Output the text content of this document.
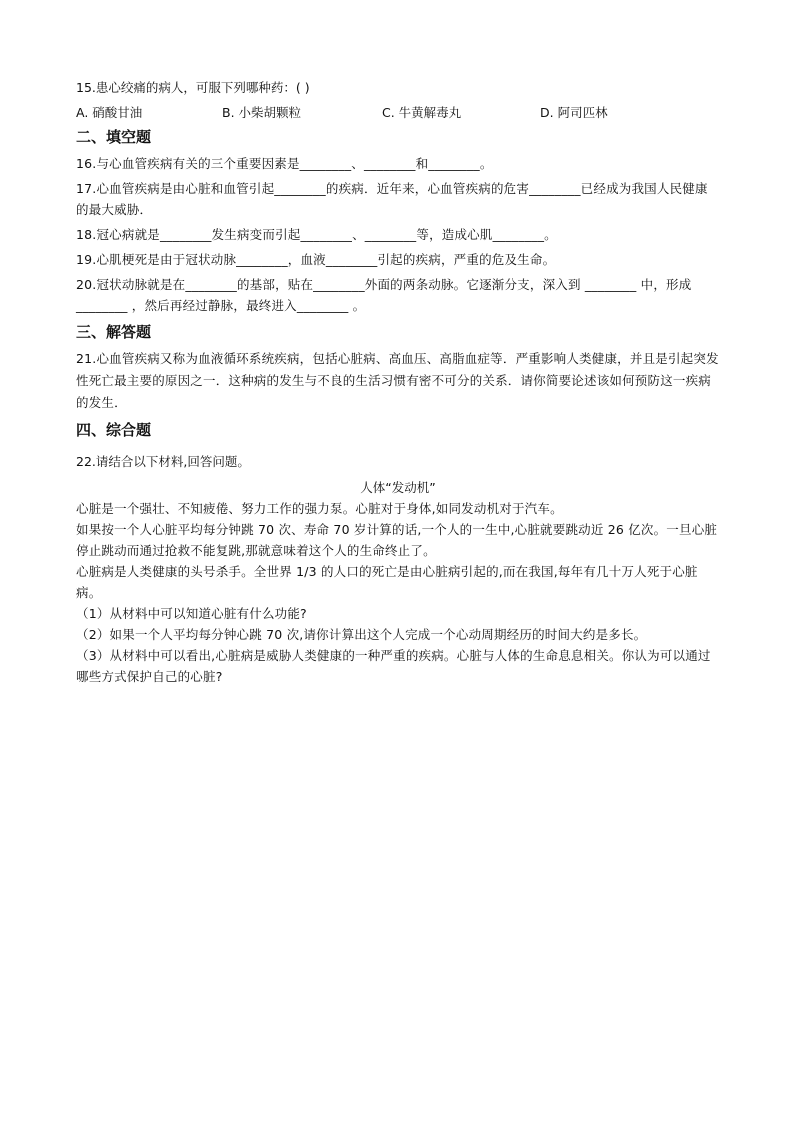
15.患心绞痛的病人，可服下列哪种药：( )
A. 硝酸甘油	B. 小柴胡颗粒	C. 牛黄解毒丸	D. 阿司匹林
二、填空题
16.与心血管疾病有关的三个重要因素是________、________和________。
17.心血管疾病是由心脏和血管引起________的疾病．近年来，心血管疾病的危害________已经成为我国人民健康的最大威胁．
18.冠心病就是________发生病变而引起________、________等，造成心肌________。
19.心肌梗死是由于冠状动脉________，血液________引起的疾病，严重的危及生命。
20.冠状动脉就是在________的基部，贴在________外面的两条动脉。它逐渐分支，深入到 ________ 中，形成________ ，然后再经过静脉，最终进入________ 。
三、解答题
21.心血管疾病又称为血液循环系统疾病，包括心脏病、高血压、高脂血症等．严重影响人类健康，并且是引起突发性死亡最主要的原因之一．这种病的发生与不良的生活习惯有密不可分的关系．请你简要论述该如何预防这一疾病的发生．
四、综合题
22.请结合以下材料,回答问题。
人体“发动机”
心脏是一个强壮、不知疲倦、努力工作的强力泵。心脏对于身体,如同发动机对于汽车。
如果按一个人心脏平均每分钟跳 70 次、寿命 70 岁计算的话,一个人的一生中,心脏就要跳动近 26 亿次。一旦心脏停止跳动而通过抢救不能复跳,那就意味着这个人的生命终止了。
心脏病是人类健康的头号杀手。全世界 1/3 的人口的死亡是由心脏病引起的,而在我国,每年有几十万人死于心脏病。
（1）从材料中可以知道心脏有什么功能?
（2）如果一个人平均每分钟心跳 70 次,请你计算出这个人完成一个心动周期经历的时间大约是多长。
（3）从材料中可以看出,心脏病是威胁人类健康的一种严重的疾病。心脏与人体的生命息息相关。你认为可以通过哪些方式保护自己的心脏?
